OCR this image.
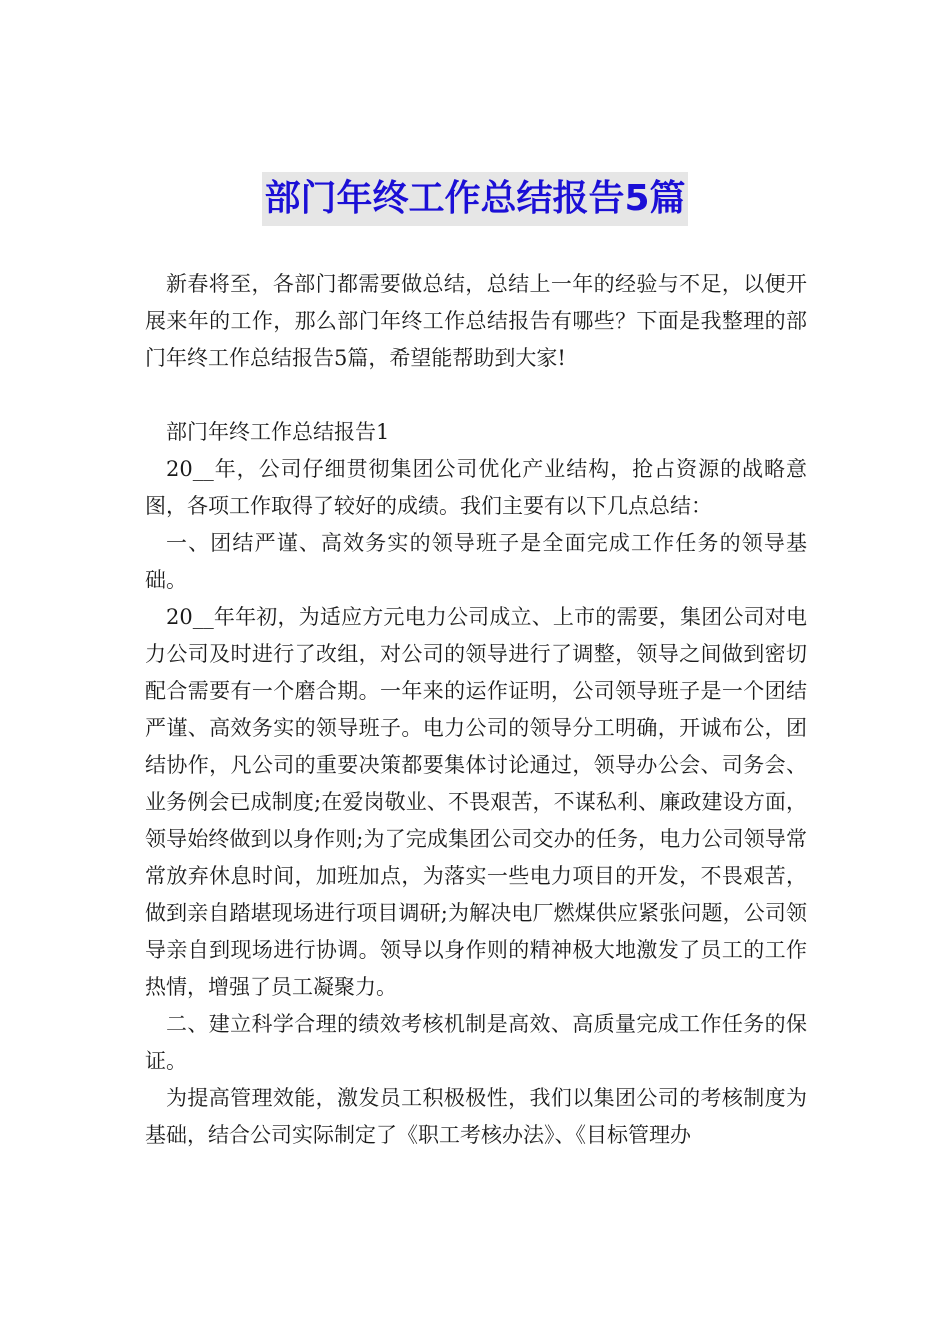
部门年终工作总结报告5篇

新春将至，各部门都需要做总结，总结上一年的经验与不足，以便开展来年的工作，那么部门年终工作总结报告有哪些？下面是我整理的部门年终工作总结报告5篇，希望能帮助到大家!

部门年终工作总结报告1

20__年，公司仔细贯彻集团公司优化产业结构，抢占资源的战略意图，各项工作取得了较好的成绩。我们主要有以下几点总结：

一、团结严谨、高效务实的领导班子是全面完成工作任务的领导基础。

20__年年初，为适应方元电力公司成立、上市的需要，集团公司对电力公司及时进行了改组，对公司的领导进行了调整，领导之间做到密切配合需要有一个磨合期。一年来的运作证明，公司领导班子是一个团结严谨、高效务实的领导班子。电力公司的领导分工明确，开诚布公，团结协作，凡公司的重要决策都要集体讨论通过，领导办公会、司务会、业务例会已成制度;在爱岗敬业、不畏艰苦，不谋私利、廉政建设方面，领导始终做到以身作则;为了完成集团公司交办的任务，电力公司领导常常放弃休息时间，加班加点，为落实一些电力项目的开发，不畏艰苦，做到亲自踏堪现场进行项目调研;为解决电厂燃煤供应紧张问题，公司领导亲自到现场进行协调。领导以身作则的精神极大地激发了员工的工作热情，增强了员工凝聚力。

二、建立科学合理的绩效考核机制是高效、高质量完成工作任务的保证。

为提高管理效能，激发员工积极极性，我们以集团公司的考核制度为基础，结合公司实际制定了《职工考核办法》、《目标管理办
